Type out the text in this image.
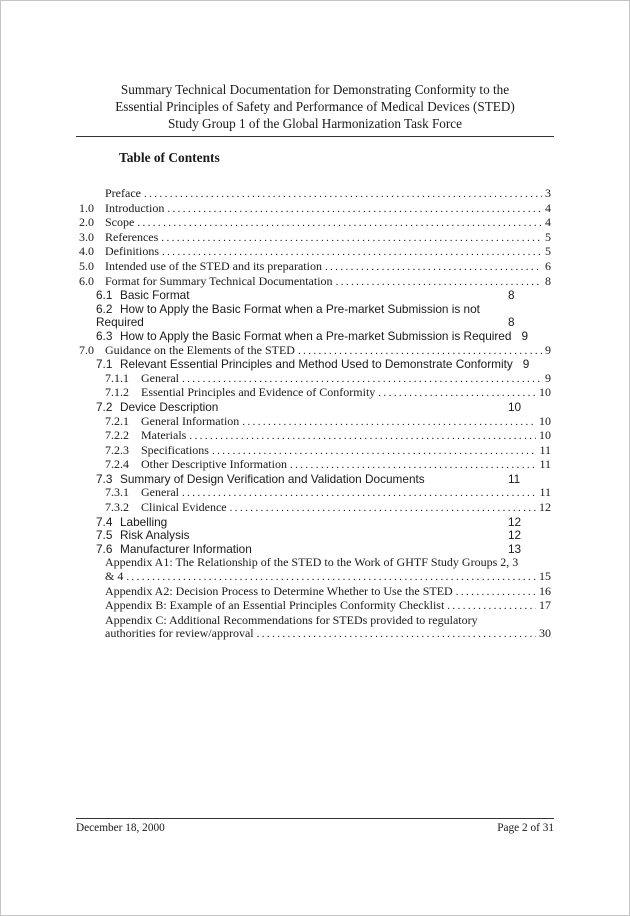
Summary Technical Documentation for Demonstrating Conformity to the
Essential Principles of Safety and Performance of Medical Devices (STED)
Study Group 1 of the Global Harmonization Task Force
Table of Contents
Preface .....	3
1.0 Introduction .....	4
2.0 Scope .....	4
3.0 References .....	5
4.0 Definitions .....	5
5.0 Intended use of the STED and its preparation .....	6
6.0 Format for Summary Technical Documentation .....	8
6.1 Basic Format	8
6.2 How to Apply the Basic Format when a Pre-market Submission is not
Required	8
6.3 How to Apply the Basic Format when a Pre-market Submission is Required 9
7.0 Guidance on the Elements of the STED .....	9
7.1 Relevant Essential Principles and Method Used to Demonstrate Conformity 9
7.1.1	General .....	9
7.1.2	Essential Principles and Evidence of Conformity .....	10
7.2 Device Description	10
7.2.1	General Information .....	10
7.2.2	Materials .....	10
7.2.3	Specifications .....	11
7.2.4	Other Descriptive Information .....	11
7.3 Summary of Design Verification and Validation Documents	11
7.3.1	General .....	11
7.3.2	Clinical Evidence .....	12
7.4 Labelling	12
7.5 Risk Analysis	12
7.6 Manufacturer Information	13
Appendix A1: The Relationship of the STED to the Work of GHTF Study Groups 2, 3
& 4 .....	15
Appendix A2: Decision Process to Determine Whether to Use the STED .....	16
Appendix B: Example of an Essential Principles Conformity Checklist .....	17
Appendix C: Additional Recommendations for STEDs provided to regulatory
authorities for review/approval .....	30
December 18, 2000	Page 2 of 31
